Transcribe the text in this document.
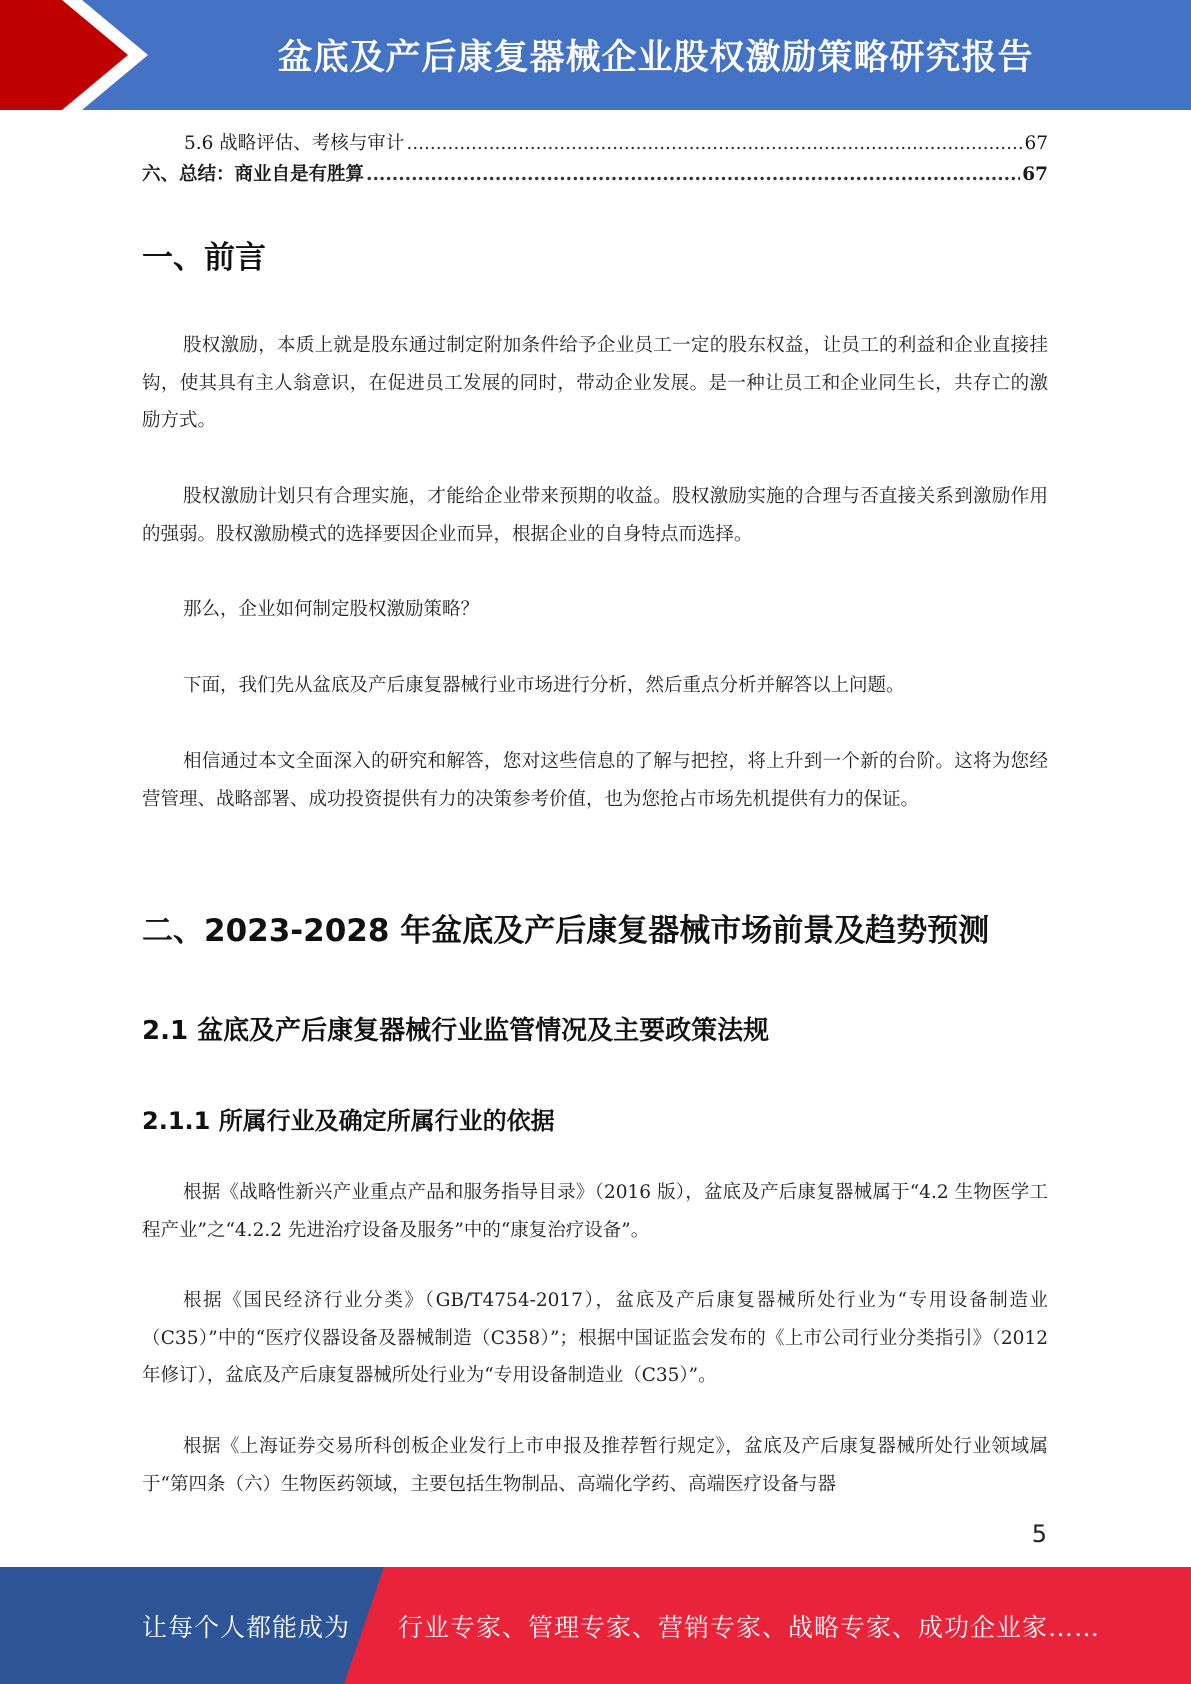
盆底及产后康复器械企业股权激励策略研究报告
5.6 战略评估、考核与审计 .....	67
六、总结：商业自是有胜算 .....	67
一、前言

股权激励，本质上就是股东通过制定附加条件给予企业员工一定的股东权益，让员工的利益和企业直接挂钩，使其具有主人翁意识，在促进员工发展的同时，带动企业发展。是一种让员工和企业同生长，共存亡的激励方式。

股权激励计划只有合理实施，才能给企业带来预期的收益。股权激励实施的合理与否直接关系到激励作用的强弱。股权激励模式的选择要因企业而异，根据企业的自身特点而选择。

那么，企业如何制定股权激励策略？

下面，我们先从盆底及产后康复器械行业市场进行分析，然后重点分析并解答以上问题。

相信通过本文全面深入的研究和解答，您对这些信息的了解与把控，将上升到一个新的台阶。这将为您经营管理、战略部署、成功投资提供有力的决策参考价值，也为您抢占市场先机提供有力的保证。

二、2023-2028 年盆底及产后康复器械市场前景及趋势预测
2.1 盆底及产后康复器械行业监管情况及主要政策法规
2.1.1 所属行业及确定所属行业的依据

根据《战略性新兴产业重点产品和服务指导目录》（2016 版），盆底及产后康复器械属于“4.2 生物医学工程产业”之“4.2.2 先进治疗设备及服务”中的“康复治疗设备”。

根据《国民经济行业分类》（GB/T4754-2017），盆底及产后康复器械所处行业为“专用设备制造业（C35）”中的“医疗仪器设备及器械制造（C358）”；根据中国证监会发布的《上市公司行业分类指引》（2012 年修订），盆底及产后康复器械所处行业为“专用设备制造业（C35）”。

根据《上海证券交易所科创板企业发行上市申报及推荐暂行规定》，盆底及产后康复器械所处行业领域属于“第四条（六）生物医药领域，主要包括生物制品、高端化学药、高端医疗设备与器

5
让每个人都能成为 行业专家、管理专家、营销专家、战略专家、成功企业家……
